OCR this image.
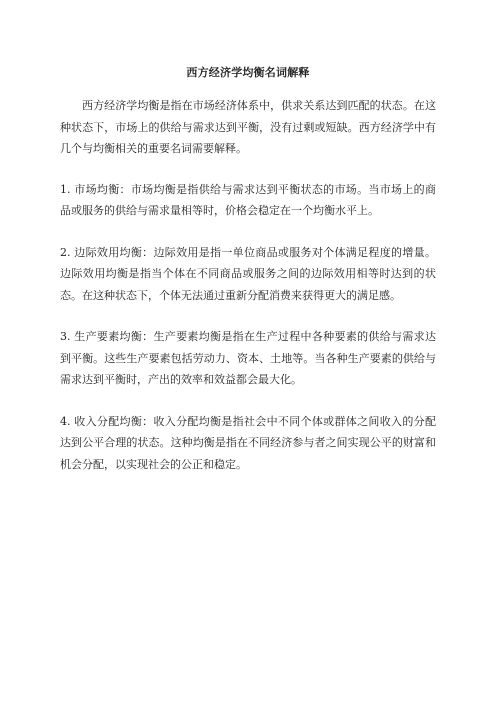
西方经济学均衡名词解释

西方经济学均衡是指在市场经济体系中，供求关系达到匹配的状态。在这种状态下，市场上的供给与需求达到平衡，没有过剩或短缺。西方经济学中有几个与均衡相关的重要名词需要解释。

1. 市场均衡：市场均衡是指供给与需求达到平衡状态的市场。当市场上的商品或服务的供给与需求量相等时，价格会稳定在一个均衡水平上。

2. 边际效用均衡：边际效用是指一单位商品或服务对个体满足程度的增量。边际效用均衡是指当个体在不同商品或服务之间的边际效用相等时达到的状态。在这种状态下，个体无法通过重新分配消费来获得更大的满足感。

3. 生产要素均衡：生产要素均衡是指在生产过程中各种要素的供给与需求达到平衡。这些生产要素包括劳动力、资本、土地等。当各种生产要素的供给与需求达到平衡时，产出的效率和效益都会最大化。

4. 收入分配均衡：收入分配均衡是指社会中不同个体或群体之间收入的分配达到公平合理的状态。这种均衡是指在不同经济参与者之间实现公平的财富和机会分配，以实现社会的公正和稳定。
